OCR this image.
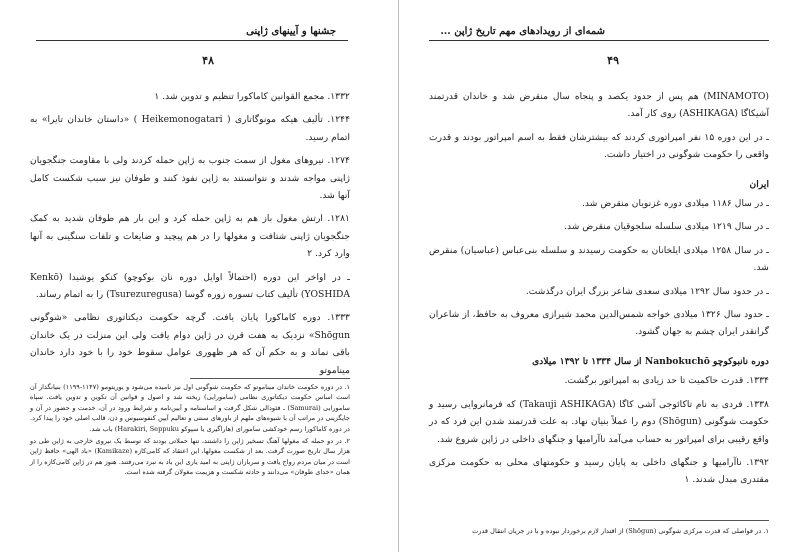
جشنها و آیینهای ژاپنی
۴۸

۱۳۳۲. مجمع القوانین کاماکورا تنظیم و تدوین شد. ۱

۱۲۴۴. تألیف هیکه مونوگاتاری ( Heikemonogatari ) «داستان خاندان تایرا» به اتمام رسید.

۱۲۷۴. نیروهای مغول از سمت جنوب به ژاپن حمله کردند ولی با مقاومت جنگجویان ژاپنی مواجه شدند و نتوانستند به ژاپن نفوذ کنند و طوفان نیز سبب شکست کامل آنها شد.

۱۲۸۱. ارتش مغول باز هم به ژاپن حمله کرد و این بار هم طوفان شدید به کمک جنگجویان ژاپنی شتافت و مغولها را در هم پیچید و ضایعات و تلفات سنگینی به آنها وارد کرد. ۲

ـ در اواخر این دوره (احتمالاً اوایل دوره نان بوکوچو) کنکو یوشیدا (Kenkō YOSHIDA) تألیف کتاب تسوره زوره گوسا (Tsurezuregusa) را به اتمام رساند.

۱۳۳۳. دوره کاماکورا پایان یافت. گرچه حکومت دیکتاتوری نظامی «شوگونی Shōgun» نزدیک به هفت قرن در ژاپن دوام یافت ولی این منزلت در یک خاندان باقی نماند و به حکم آن که هر ظهوری عوامل سقوط خود را با خود دارد خاندان میناموتو

۱. در دوره حکومت خاندان میناموتو که حکومت شوگونی اول نیز نامیده می‌شود و یوریتومو (۱۱۴۷-۱۱۹۹) بنیانگذار آن است اساس حکومت دیکتاتوری نظامی (سامورایی) ریخته شد و اصول و قوانین آن تکوین و تدوین یافت. سپاه سامورایی (Samurai) ـ فئودالی شکل گرفت و اساسنامه و آیین‌نامه و شرایط ورود در آن، خدمت و حضور در آن و جایگزینی در مراتب آن با شیوه‌های ملهم از باورهای سنتی و تعالیم آیین کنفوسیوس و ذن، قالب اصلی خود را پیدا کرد. در دوره کاماکورا رسم خودکشی سامورای (هاراگیری یا سپوکو Harakiri, Seppuku) باب شد.

۲. در دو حمله که مغولها آهنگ تسخیر ژاپن را داشتند، تنها حملاتی بودند که توسط یک نیروی خارجی به ژاپن طی دو هزار سال تاریخ صورت گرفت. بعد از شکست مغولها، این اعتقاد که کامی‌کازه (Kamikaze) «باد الهی» حافظ ژاپن است در میان مردم رواج یافت و سربازان ژاپنی به امید یاری این باد به نبرد می‌رفتند. هنوز هم در ژاپن کامی‌کازه را از همان «خدای طوفان» می‌دانند و حادثه شکست و هزیمت مغولان گرفته شده است.

شمه‌ای از رویدادهای مهم تاریخ ژاپن ...
۴۹

(MINAMOTO) هم پس از حدود یکصد و پنجاه سال منقرض شد و خاندان قدرتمند آشیکاگا (ASHIKAGA) روی کار آمد.

ـ در این دوره ۱۵ نفر امپراتوری کردند که بیشترشان فقط به اسم امپراتور بودند و قدرت واقعی را حکومت شوگونی در اختیار داشت.

ایران

ـ در سال ۱۱۸۶ میلادی دوره غزنویان منقرض شد.

ـ در سال ۱۲۱۹ میلادی سلسله سلجوقیان منقرض شد.

ـ در سال ۱۲۵۸ میلادی ایلخانان به حکومت رسیدند و سلسله بنی‌عباس (عباسیان) منقرض شد.

ـ در حدود سال ۱۲۹۲ میلادی سعدی شاعر بزرگ ایران درگذشت.

ـ حدود سال ۱۳۲۶ میلادی خواجه شمس‌الدین محمد شیرازی معروف به حافظ، از شاعران گرانقدر ایران چشم به جهان گشود.

دوره نانبوکوچو Nanbokuchō از سال ۱۳۳۴ تا ۱۳۹۲ میلادی

۱۳۳۴. قدرت حاکمیت تا حد زیادی به امپراتور برگشت.

۱۳۳۸. فردی به نام تاکائوجی آشی کاگا (Takauji ASHIKAGA) که فرمانروایی رسید و حکومت شوگونی (Shōgun) دوم را عملاً بنیان نهاد. به علت قدرتمند شدن این فرد که در واقع رقیبی برای امپراتور به حساب می‌آمد ناآرامیها و جنگهای داخلی در ژاپن شروع شد.

۱۳۹۲. ناآرامیها و جنگهای داخلی به پایان رسید و حکومتهای محلی به حکومت مرکزی مقتدری مبدل شدند. ۱

۱. در فواصلی که قدرت مرکزی شوگونی (Shōgun) از اقتدار لازم برخوردار نبوده و با در جریان انتقال قدرت
